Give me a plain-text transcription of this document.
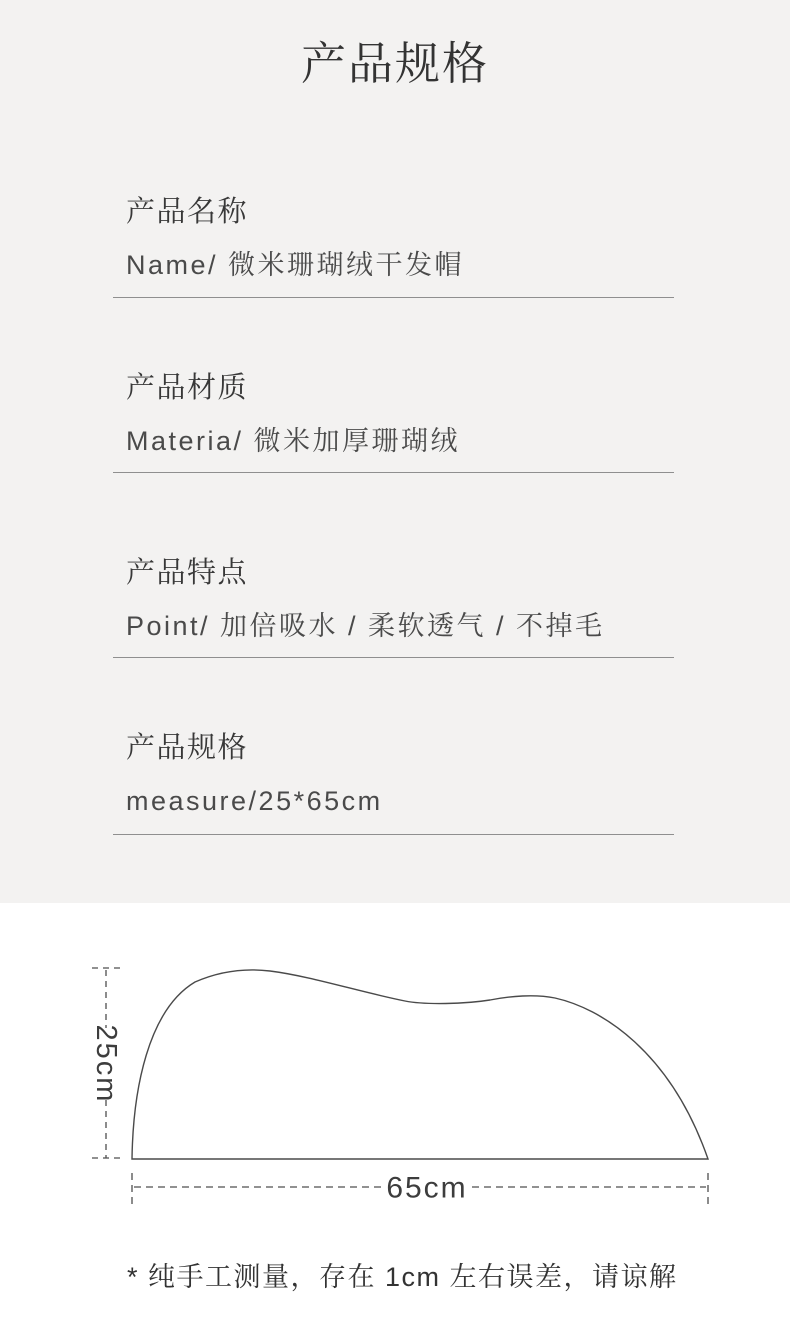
产品规格
产品名称
Name/ 微米珊瑚绒干发帽
产品材质
Materia/ 微米加厚珊瑚绒
产品特点
Point/ 加倍吸水 / 柔软透气 / 不掉毛
产品规格
measure/25*65cm
25cm
65cm
* 纯手工测量，存在 1cm 左右误差，请谅解
